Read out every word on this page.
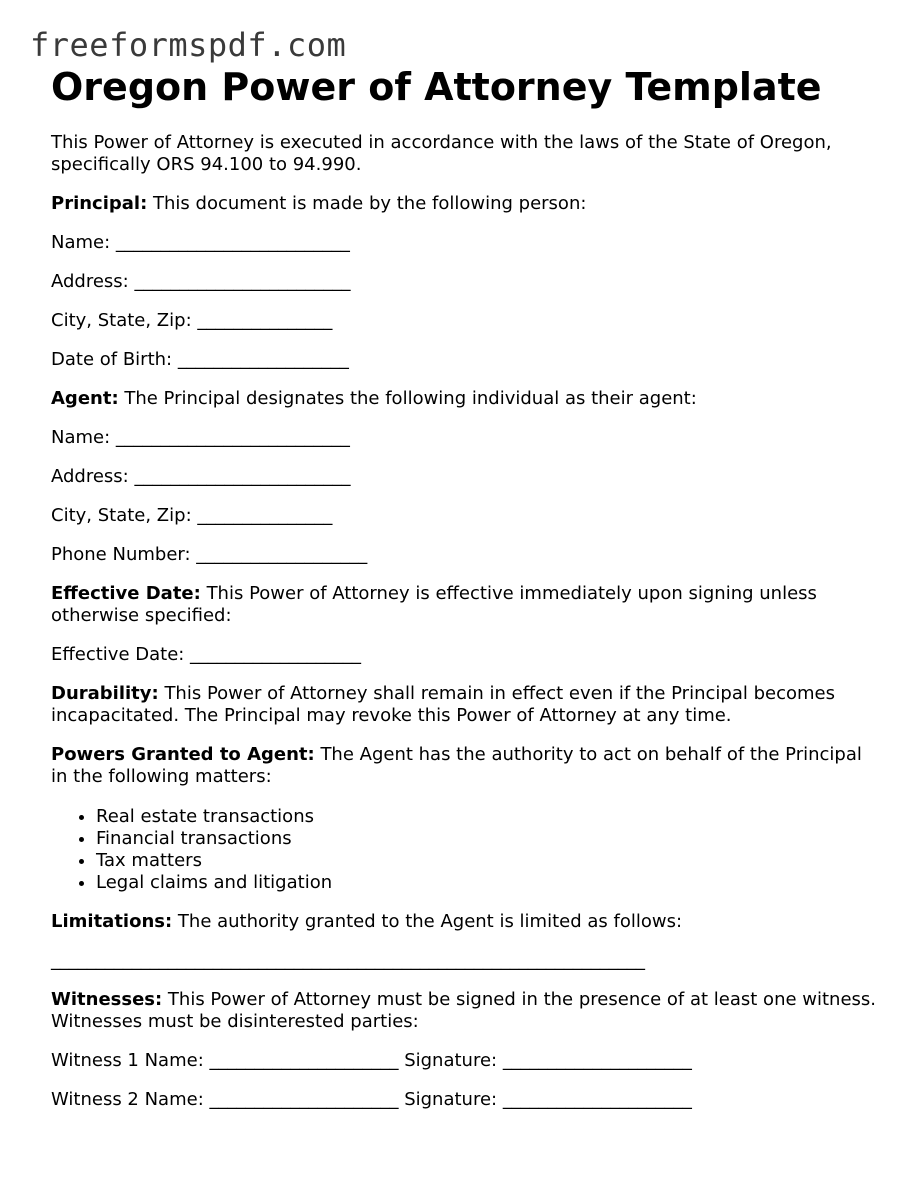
freeformspdf.com
Oregon Power of Attorney Template

This Power of Attorney is executed in accordance with the laws of the State of Oregon, specifically ORS 94.100 to 94.990.

Principal: This document is made by the following person:

Name: __________________________

Address: ________________________

City, State, Zip: _______________

Date of Birth: ___________________

Agent: The Principal designates the following individual as their agent:

Name: __________________________

Address: ________________________

City, State, Zip: _______________

Phone Number: ___________________

Effective Date: This Power of Attorney is effective immediately upon signing unless otherwise specified:

Effective Date: ___________________

Durability: This Power of Attorney shall remain in effect even if the Principal becomes incapacitated. The Principal may revoke this Power of Attorney at any time.

Powers Granted to Agent: The Agent has the authority to act on behalf of the Principal in the following matters:

• Real estate transactions
• Financial transactions
• Tax matters
• Legal claims and litigation

Limitations: The authority granted to the Agent is limited as follows:

__________________________________________________________________

Witnesses: This Power of Attorney must be signed in the presence of at least one witness. Witnesses must be disinterested parties:

Witness 1 Name: _____________________ Signature: _____________________

Witness 2 Name: _____________________ Signature: _____________________
